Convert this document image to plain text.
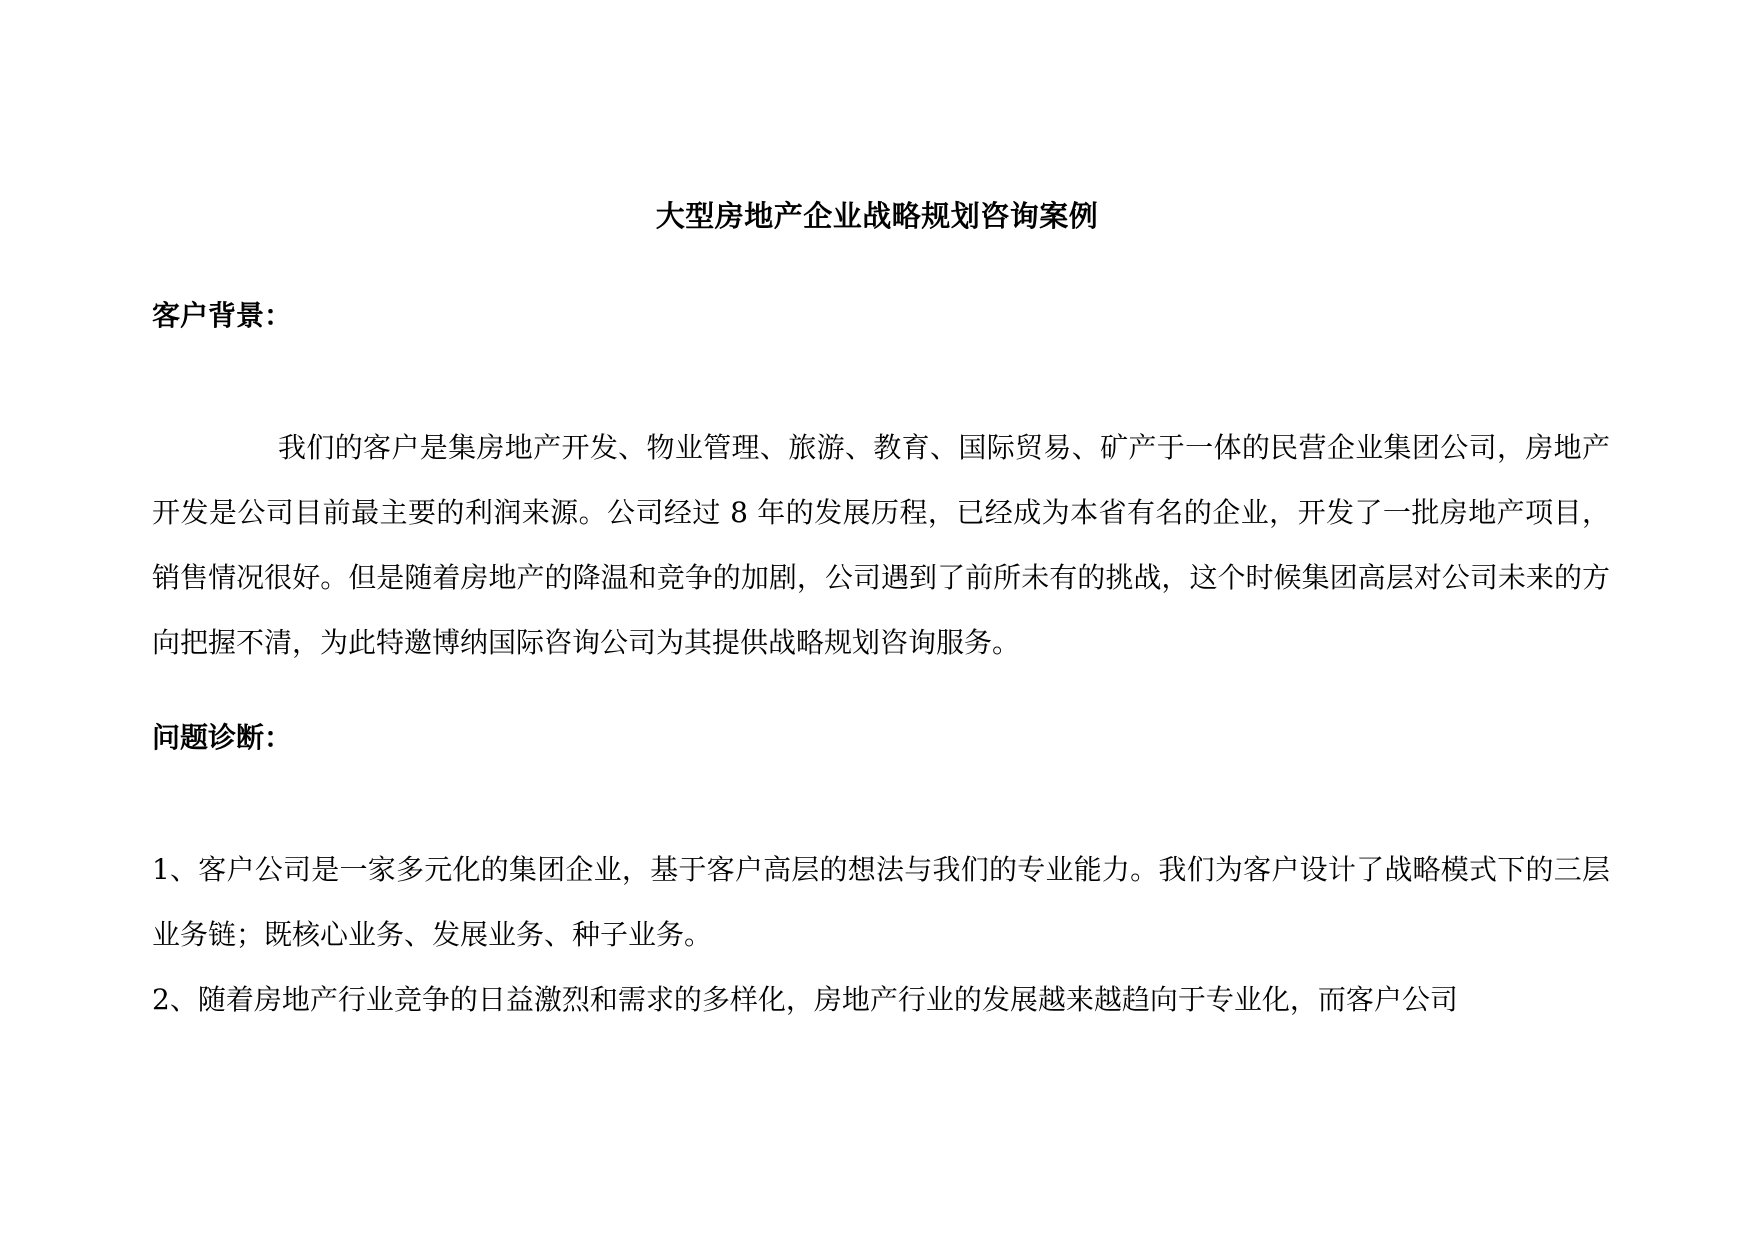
大型房地产企业战略规划咨询案例
客户背景：
我们的客户是集房地产开发、物业管理、旅游、教育、国际贸易、矿产于一体的民营企业集团公司，房地产开发是公司目前最主要的利润来源。公司经过 8 年的发展历程，已经成为本省有名的企业，开发了一批房地产项目，销售情况很好。但是随着房地产的降温和竞争的加剧，公司遇到了前所未有的挑战，这个时候集团高层对公司未来的方向把握不清，为此特邀博纳国际咨询公司为其提供战略规划咨询服务。
问题诊断：
1、客户公司是一家多元化的集团企业，基于客户高层的想法与我们的专业能力。我们为客户设计了战略模式下的三层业务链；既核心业务、发展业务、种子业务。
2、随着房地产行业竞争的日益激烈和需求的多样化，房地产行业的发展越来越趋向于专业化，而客户公司
